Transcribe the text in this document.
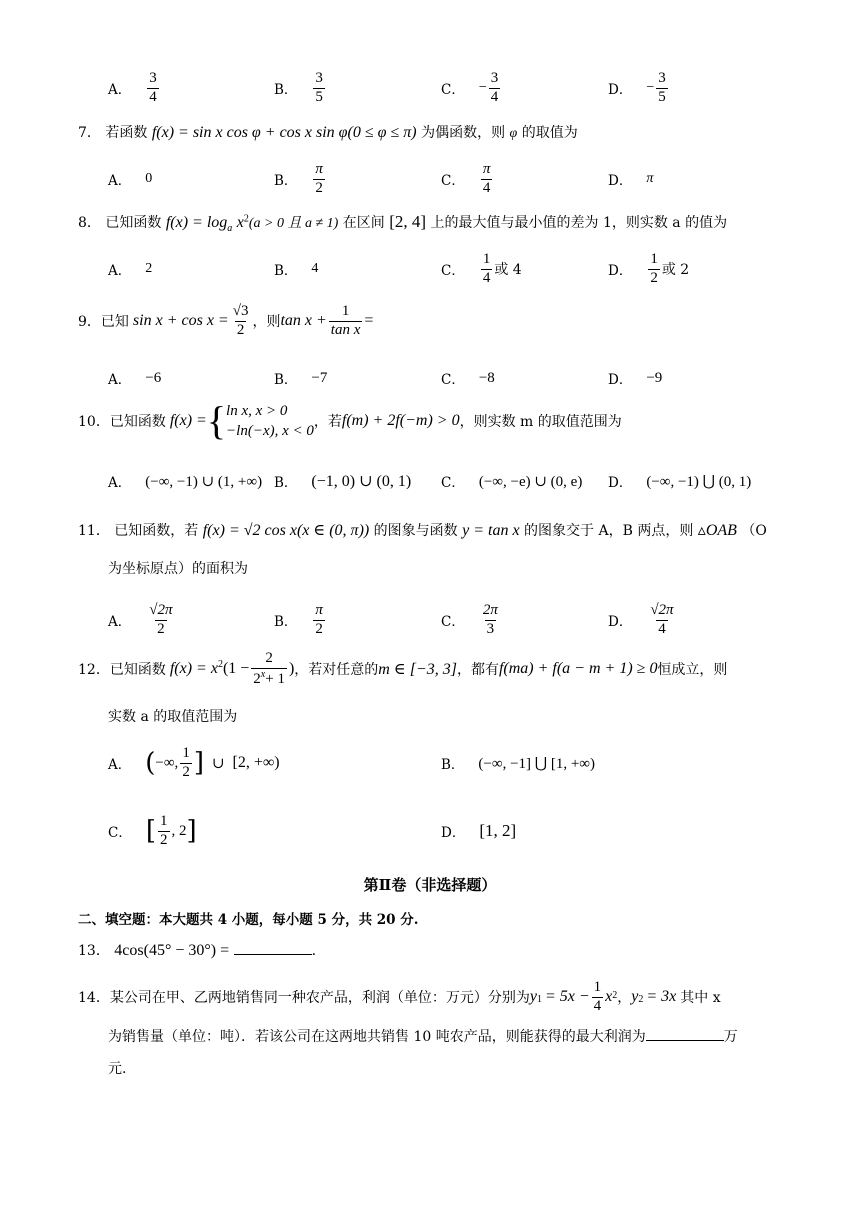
A． $\frac{3}{4}$	B． $\frac{3}{5}$	C． − $\frac{3}{4}$	D． − $\frac{3}{5}$
7． 若函数 f(x) = sin x cos φ + cos x sin φ(0 ≤ φ ≤ π) 为偶函数，则 φ 的取值为
A． 0	B． $\frac{\pi}{2}$	C． $\frac{\pi}{4}$	D． π
8． 已知函数 $f(x) = \log_a x^2(a > 0$ 且 a ≠ 1) 在区间 [2, 4] 上的最大值与最小值的差为 1，则实数 a 的值为
A． 2	B． 4	C． $\frac{1}{4}$ 或 4	D． $\frac{1}{2}$ 或 2
9． 已知 $\sin x + \cos x = \frac{√3}{2}$ ，则 $\tan x + \frac{1}{\text{tan x}}$ =
A． −6	B． −7	C． −8	D． −9
10． 已知函数 f(x) = { ln x, x > 0
−ln(−x), x < 0
，若 f(m) + 2f(−m) > 0 ，则实数 m 的取值范围为
A． (−∞, −1) ∪ (1, +∞) B． (−1, 0) ∪ (0, 1) C． (−∞, −e) ∪ (0, e) D． (−∞, −1) ⋃ (0, 1)
11． 已知函数，若 f(x) = √2 cos x(x ∈ (0, π)) 的图象与函数 y = tan x 的图象交于 A，B 两点，则 ▵OAB （O
为坐标原点）的面积为
A． $\frac{√2\pi}{2}$	B． $\frac{\pi}{2}$	C． $\frac{2\pi}{3}$	D． $\frac{√2\pi}{4}$
12． 已知函数 f(x) = x 2 ($1 - \frac{2}{2^x+ 1}$ ) ，若对任意的 m ∈ [−3, 3] ，都有 f(ma) + f(a − m + 1) ≥ 0 恒成立，则
实数 a 的取值范围为
A． ( −∞, $\frac{1}{2}$ ] ∪ [2, +∞)	B． (−∞, −1] ⋃ [1, +∞)
C． [ $\frac{1}{2}$ , 2 ]	D． [1, 2]
第Ⅱ卷（非选择题）
二、填空题：本大题共 4 小题，每小题 5 分，共 20 分.
13． 4cos(45° − 30°) =	.
14． 某公司在甲、乙两地销售同一种农产品，利润（单位：万元）分别为 y $1 = 5x - \frac{1}{4}$ x 2 ， y 2 = 3x 其中 x
为销售量（单位：吨）．若该公司在这两地共销售 10 吨农产品，则能获得的最大利润为	万
元.
